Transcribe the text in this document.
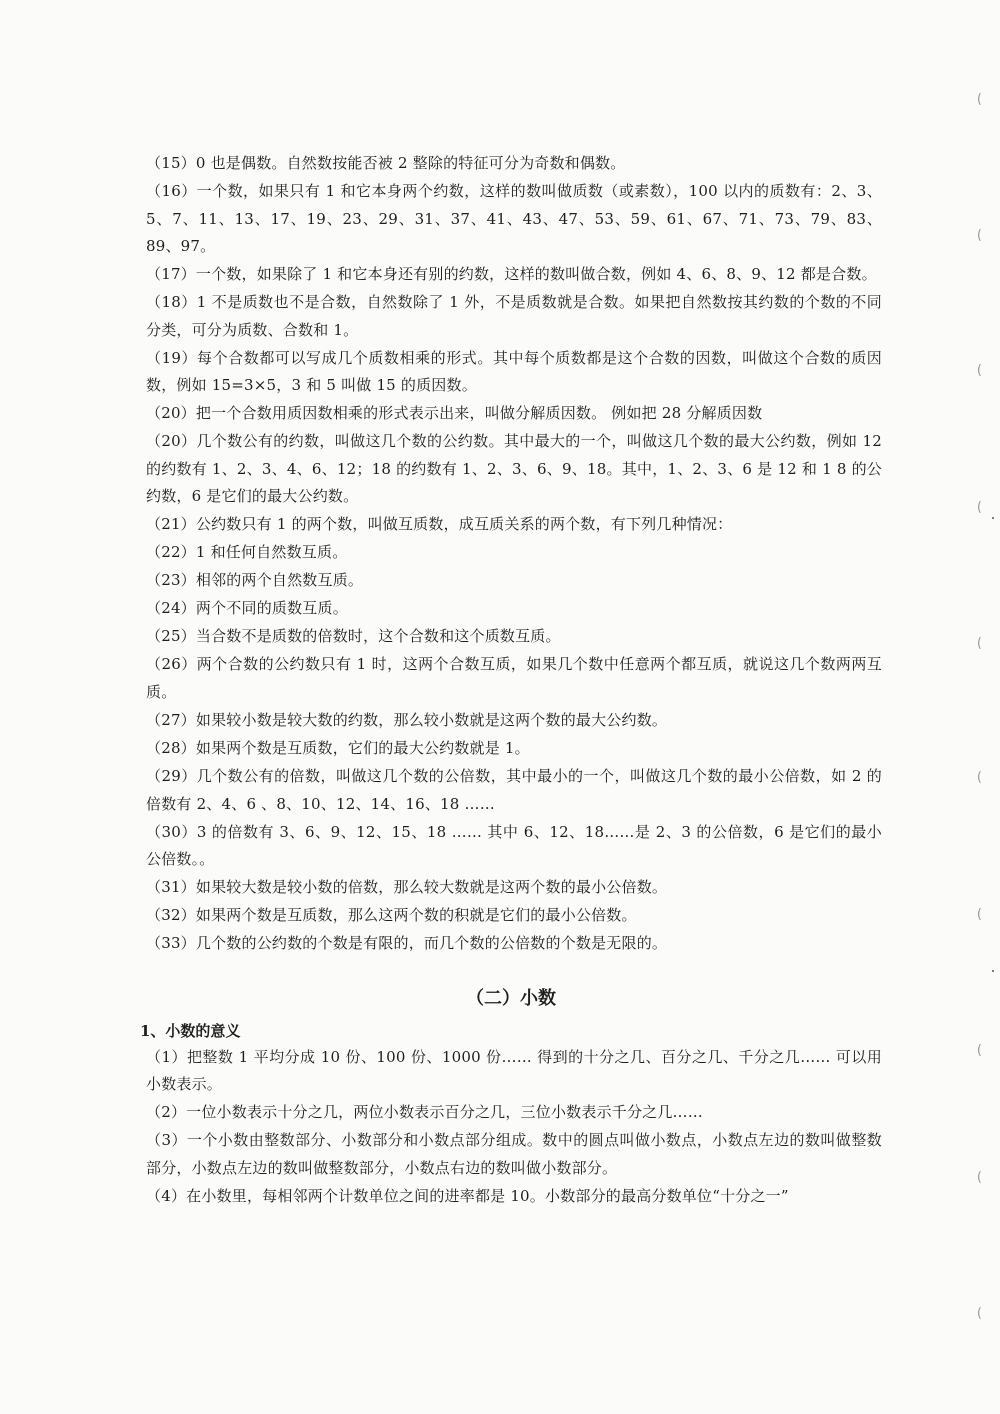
(
(
(
(
(
(
(
(
(
(

（15）0 也是偶数。自然数按能否被 2 整除的特征可分为奇数和偶数。

（16）一个数，如果只有 1 和它本身两个约数，这样的数叫做质数（或素数），100 以内的质数有：2、3、5、7、11、13、17、19、23、29、31、37、41、43、47、53、59、61、67、71、73、79、83、89、97。

（17）一个数，如果除了 1 和它本身还有别的约数，这样的数叫做合数，例如 4、6、8、9、12 都是合数。

（18）1 不是质数也不是合数，自然数除了 1 外，不是质数就是合数。如果把自然数按其约数的个数的不同分类，可分为质数、合数和 1。

（19）每个合数都可以写成几个质数相乘的形式。其中每个质数都是这个合数的因数，叫做这个合数的质因数，例如 15=3×5，3 和 5 叫做 15 的质因数。

（20）把一个合数用质因数相乘的形式表示出来，叫做分解质因数。 例如把 28 分解质因数

（20）几个数公有的约数，叫做这几个数的公约数。其中最大的一个，叫做这几个数的最大公约数，例如 12 的约数有 1、2、3、4、6、12；18 的约数有 1、2、3、6、9、18。其中，1、2、3、6 是 12 和 1 8 的公约数，6 是它们的最大公约数。

（21）公约数只有 1 的两个数，叫做互质数，成互质关系的两个数，有下列几种情况：

（22）1 和任何自然数互质。

（23）相邻的两个自然数互质。

（24）两个不同的质数互质。

（25）当合数不是质数的倍数时，这个合数和这个质数互质。

（26）两个合数的公约数只有 1 时，这两个合数互质，如果几个数中任意两个都互质，就说这几个数两两互质。

（27）如果较小数是较大数的约数，那么较小数就是这两个数的最大公约数。

（28）如果两个数是互质数，它们的最大公约数就是 1。

（29）几个数公有的倍数，叫做这几个数的公倍数，其中最小的一个，叫做这几个数的最小公倍数，如 2 的倍数有 2、4、6 、8、10、12、14、16、18 ……

（30）3 的倍数有 3、6、9、12、15、18 …… 其中 6、12、18……是 2、3 的公倍数，6 是它们的最小公倍数。。

（31）如果较大数是较小数的倍数，那么较大数就是这两个数的最小公倍数。

（32）如果两个数是互质数，那么这两个数的积就是它们的最小公倍数。

（33）几个数的公约数的个数是有限的，而几个数的公倍数的个数是无限的。

（二）小数
1、小数的意义

（1）把整数 1 平均分成 10 份、100 份、1000 份…… 得到的十分之几、百分之几、千分之几…… 可以用小数表示。

（2）一位小数表示十分之几，两位小数表示百分之几，三位小数表示千分之几……

（3）一个小数由整数部分、小数部分和小数点部分组成。数中的圆点叫做小数点，小数点左边的数叫做整数部分，小数点左边的数叫做整数部分，小数点右边的数叫做小数部分。

（4）在小数里，每相邻两个计数单位之间的进率都是 10。小数部分的最高分数单位“十分之一”
